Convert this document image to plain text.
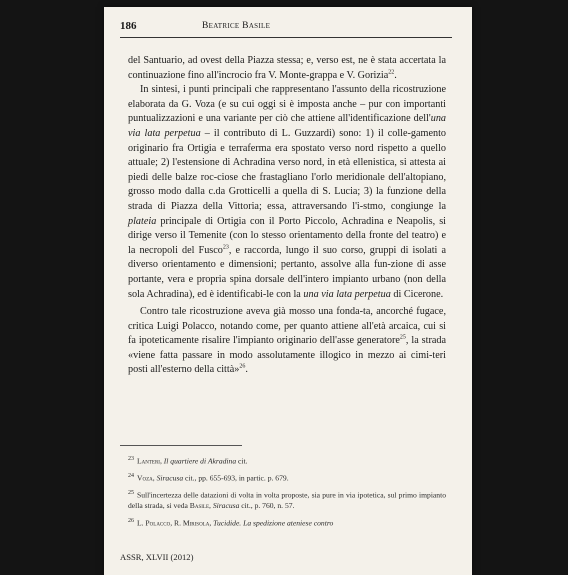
186	Beatrice Basile

del Santuario, ad ovest della Piazza stessa; e, verso est, ne è stata accertata la continuazione fino all'incrocio fra V. Monte-grappa e V. Gorizia$^{22}$.

In sintesi, i punti principali che rappresentano l'assunto della ricostruzione elaborata da G. Voza (e su cui oggi si è imposta anche – pur con importanti puntualizzazioni e una variante per ciò che attiene all'identificazione dell'una via lata perpetua – il contributo di L. Guzzardi) sono: 1) il colle-gamento originario fra Ortigia e terraferma era spostato verso nord rispetto a quello attuale; 2) l'estensione di Achradina verso nord, in età ellenistica, si attesta ai piedi delle balze roc-ciose che frastagliano l'orlo meridionale dell'altopiano, grosso modo dalla c.da Grotticelli a quella di S. Lucia; 3) la funzione della strada di Piazza della Vittoria; essa, attraversando l'i-stmo, congiunge la plateia principale di Ortigia con il Porto Piccolo, Achradina e Neapolis, si dirige verso il Temenite (con lo stesso orientamento della fronte del teatro) e la necropoli del Fusco$^{23}$, e raccorda, lungo il suo corso, gruppi di isolati a diverso orientamento e dimensioni; pertanto, assolve alla fun-zione di asse portante, vera e propria spina dorsale dell'intero impianto urbano (non della sola Achradina), ed è identificabi-le con la una via lata perpetua di Cicerone.

Contro tale ricostruzione aveva già mosso una fonda-ta, ancorché fugace, critica Luigi Polacco, notando come, per quanto attiene all'età arcaica, cui si fa ipoteticamente risalire l'impianto originario dell'asse generatore$^{25}$, la strada «viene fatta passare in modo assolutamente illogico in mezzo ai cimi-teri posti all'esterno della città»$^{26}$.

$^{23}$ Lanteri, Il quartiere di Akradina cit.
$^{24}$ Voza, Siracusa cit., pp. 655-693, in partic. p. 679.
$^{25}$ Sull'incertezza delle datazioni di volta in volta proposte, sia pure in via ipotetica, sul primo impianto della strada, si veda Basile, Siracusa cit., p. 760, n. 57.
$^{26}$ L. Polacco, R. Mirisola, Tucidide. La spedizione ateniese contro
ASSR, XLVII (2012)
